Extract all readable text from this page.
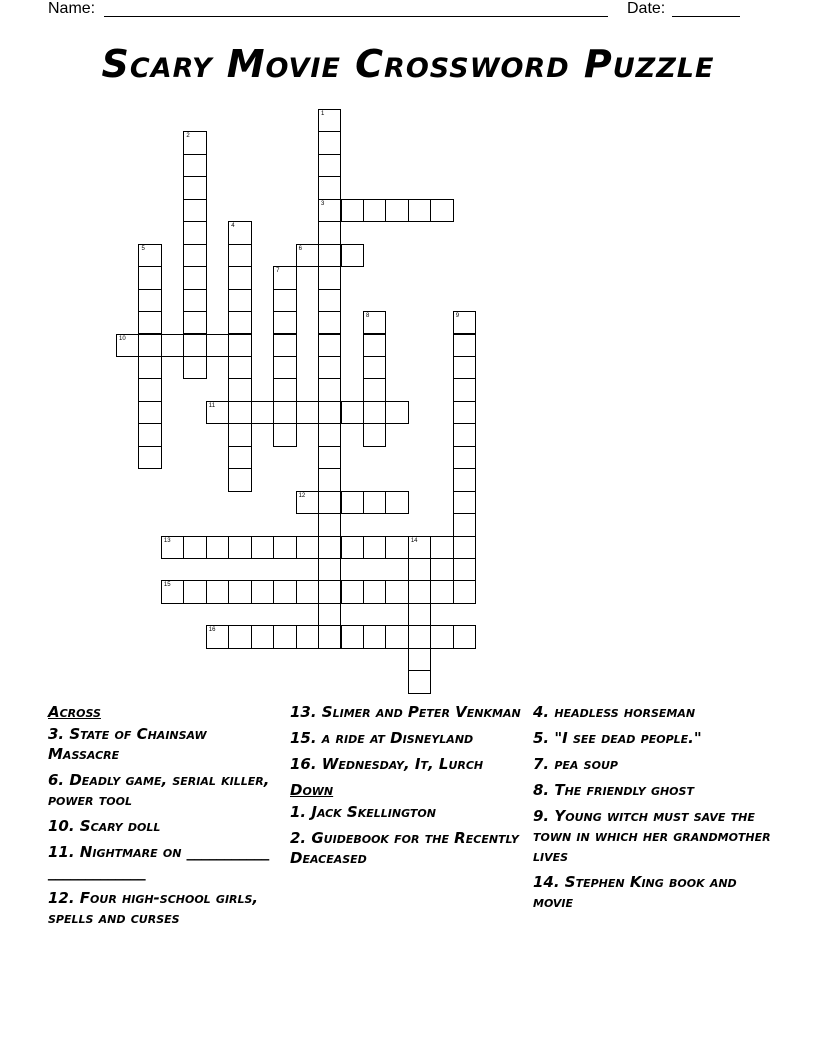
Name:	Date:
Scary Movie Crossword Puzzle
1
3
2
4
5	6
7
8	9
10
11
12
13	14
15
16
Across
3. State of Chainsaw Massacre
6. Deadly game, serial killer, power tool
10. Scary doll
11. Nightmare on ___________ _____________
12. Four high-school girls, spells and curses
13. Slimer and Peter Venkman
15. a ride at Disneyland
16. Wednesday, It, Lurch
Down
1. Jack Skellington
2. Guidebook for the Recently Deaceased
4. headless horseman
5. "I see dead people."
7. pea soup
8. The friendly ghost
9. Young witch must save the town in which her grandmother lives
14. Stephen King book and movie
